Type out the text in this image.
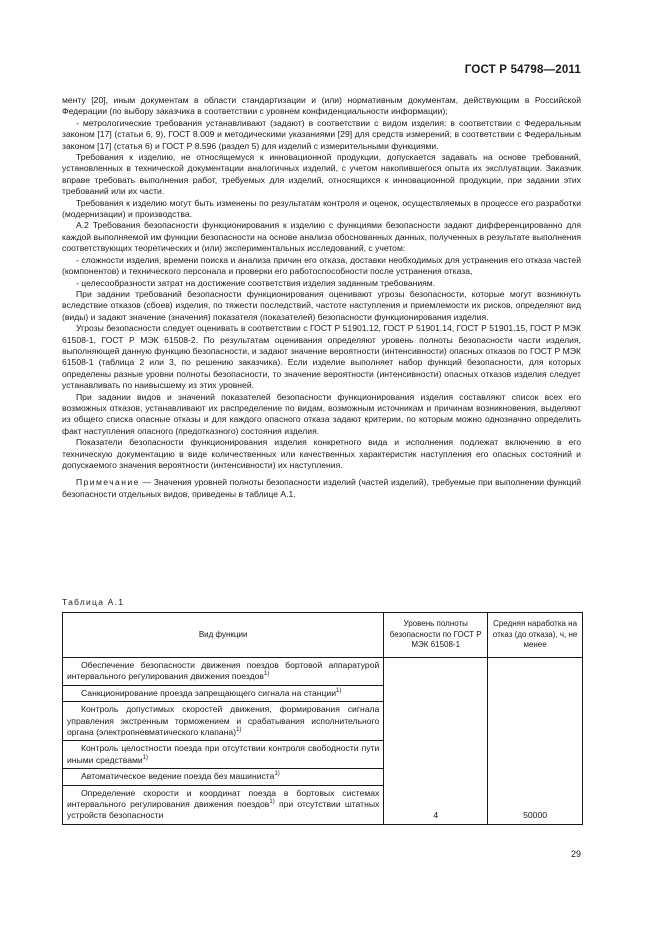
ГОСТ Р 54798—2011

менту [20], иным документам в области стандартизации и (или) нормативным документам, действующим в Российской Федерации (по выбору заказчика в соответствии с уровнем конфиденциальности информации);

- метрологические требования устанавливают (задают) в соответствии с видом изделия: в соответствии с Федеральным законом [17] (статьи 6, 9), ГОСТ 8.009 и методическими указаниями [29] для средств измерений; в соответствии с Федеральным законом [17] (статья 6) и ГОСТ Р 8.596 (раздел 5) для изделий с измерительными функциями.

Требования к изделию, не относящемуся к инновационной продукции, допускается задавать на основе требований, установленных в технической документации аналогичных изделий, с учетом накопившегося опыта их эксплуатации. Заказчик вправе требовать выполнения работ, требуемых для изделий, относящихся к инновационной продукции, при задании этих требований или их части.

Требования к изделию могут быть изменены по результатам контроля и оценок, осуществляемых в процессе его разработки (модернизации) и производства.

А.2 Требования безопасности функционирования к изделию с функциями безопасности задают дифференцированно для каждой выполняемой им функции безопасности на основе анализа обоснованных данных, полученных в результате выполнения соответствующих теоретических и (или) экспериментальных исследований, с учетом:

- сложности изделия, времени поиска и анализа причин его отказа, доставки необходимых для устранения его отказа частей (компонентов) и технического персонала и проверки его работоспособности после устранения отказа,

- целесообразности затрат на достижение соответствия изделия заданным требованиям.

При задании требований безопасности функционирования оценивают угрозы безопасности, которые могут возникнуть вследствие отказов (сбоев) изделия, по тяжести последствий, частоте наступления и приемлемости их рисков, определяют вид (виды) и задают значение (значения) показателя (показателей) безопасности функционирования изделия.

Угрозы безопасности следует оценивать в соответствии с ГОСТ Р 51901.12, ГОСТ Р 51901.14, ГОСТ Р 51901.15, ГОСТ Р МЭК 61508-1, ГОСТ Р МЭК 61508-2. По результатам оценивания определяют уровень полноты безопасности части изделия, выполняющей данную функцию безопасности, и задают значение вероятности (интенсивности) опасных отказов по ГОСТ Р МЭК 61508-1 (таблица 2 или 3, по решению заказчика). Если изделие выполняет набор функций безопасности, для которых определены разные уровни полноты безопасности, то значение вероятности (интенсивности) опасных отказов изделия следует устанавливать по наивысшему из этих уровней.

При задании видов и значений показателей безопасности функционирования изделия составляют список всех его возможных отказов, устанавливают их распределение по видам, возможным источникам и причинам возникновения, выделяют из общего списка опасные отказы и для каждого опасного отказа задают критерии, по которым можно однозначно определить факт наступления опасного (предотказного) состояния изделия.

Показатели безопасности функционирования изделия конкретного вида и исполнения подлежат включению в его техническую документацию в виде количественных или качественных характеристик наступления его опасных состояний и допускаемого значения вероятности (интенсивности) их наступления.

Примечание — Значения уровней полноты безопасности изделий (частей изделий), требуемые при выполнении функций безопасности отдельных видов, приведены в таблице А.1.

Таблица А.1
Вид функции	Уровень полноты безопасности по ГОСТ Р МЭК 61508-1	Средняя наработка на отказ (до отказа), ч, не менее
Обеспечение безопасности движения поездов бортовой аппаратурой интервального регулирования движения поездов$^{1)}$	4	50000
Санкционирование проезда запрещающего сигнала на станции$^{1)}$
Контроль допустимых скоростей движения, формирования сигнала управления экстренным торможением и срабатывания исполнительного органа (электропневматического клапана)$^{1)}$
Контроль целостности поезда при отсутствии контроля свободности пути иными средствами$^{1)}$
Автоматическое ведение поезда без машиниста$^{1)}$
Определение скорости и координат поезда в бортовых системах интервального регулирования движения поездов$^{1)}$ при отсутствии штатных устройств безопасности		
29
